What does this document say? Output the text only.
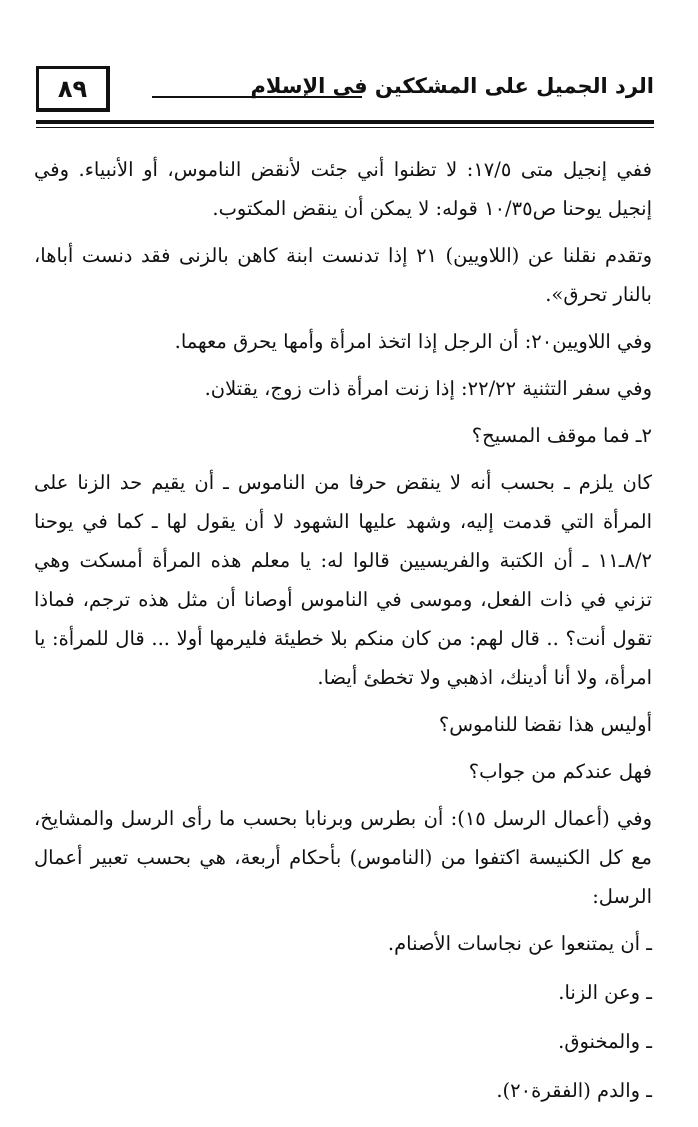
٨٩	الرد الجميل على المشككين في الإسلام

ففي إنجيل متى ١٧/٥: لا تظنوا أني جئت لأنقض الناموس، أو الأنبياء. وفي إنجيل يوحنا ص١٠/٣٥ قوله: لا يمكن أن ينقض المكتوب.

وتقدم نقلنا عن (اللاويين) ٢١ إذا تدنست ابنة كاهن بالزنى فقد دنست أباها، بالنار تحرق».

وفي اللاويين٢٠: أن الرجل إذا اتخذ امرأة وأمها يحرق معهما.

وفي سفر التثنية ٢٢/٢٢: إذا زنت امرأة ذات زوج، يقتلان.

٢ـ فما موقف المسيح؟

كان يلزم ـ بحسب أنه لا ينقض حرفا من الناموس ـ أن يقيم حد الزنا على المرأة التي قدمت إليه، وشهد عليها الشهود لا أن يقول لها ـ كما في يوحنا ٨/٢ـ١١ ـ أن الكتبة والفريسيين قالوا له: يا معلم هذه المرأة أمسكت وهي تزني في ذات الفعل، وموسى في الناموس أوصانا أن مثل هذه ترجم، فماذا تقول أنت؟ .. قال لهم: من كان منكم بلا خطيئة فليرمها أولا ... قال للمرأة: يا امرأة، ولا أنا أدينك، اذهبي ولا تخطئ أيضا.

أوليس هذا نقضا للناموس؟

فهل عندكم من جواب؟

وفي (أعمال الرسل ١٥): أن بطرس وبرنابا بحسب ما رأى الرسل والمشايخ، مع كل الكنيسة اكتفوا من (الناموس) بأحكام أربعة، هي بحسب تعبير أعمال الرسل:

ـ أن يمتنعوا عن نجاسات الأصنام.

ـ وعن الزنا.

ـ والمخنوق.

ـ والدم (الفقرة٢٠).
